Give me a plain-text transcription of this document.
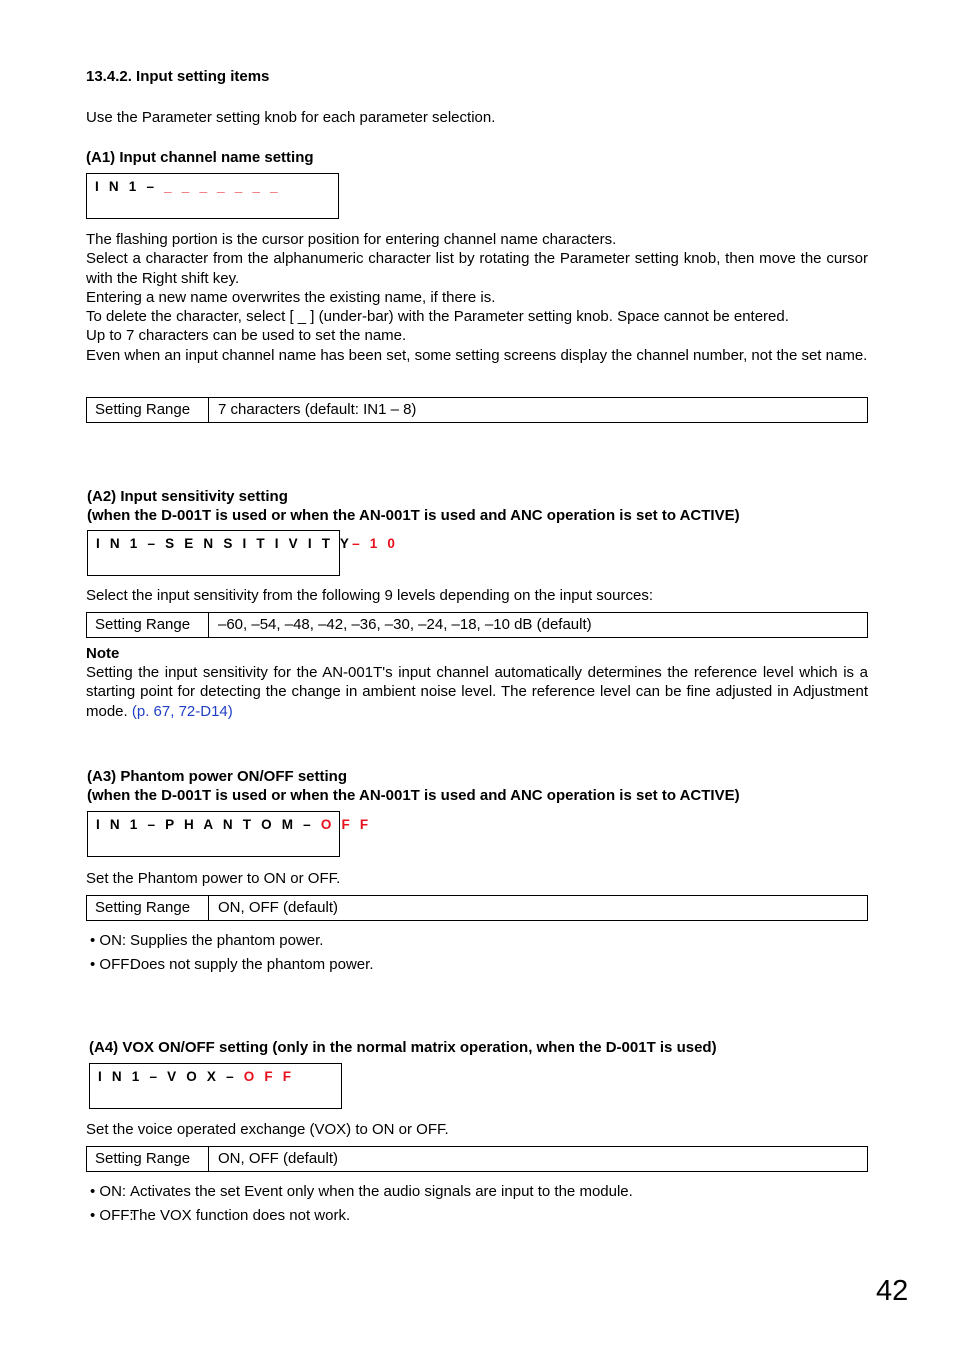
13.4.2. Input setting items
Use the Parameter setting knob for each parameter selection.
(A1) Input channel name setting
I N 1 – _ _ _ _ _ _ _
The flashing portion is the cursor position for entering channel name characters.
Select a character from the alphanumeric character list by rotating the Parameter setting knob, then move the cursor with the Right shift key.
Entering a new name overwrites the existing name, if there is.
To delete the character, select [ _ ] (under-bar) with the Parameter setting knob. Space cannot be entered.
Up to 7 characters can be used to set the name.
Even when an input channel name has been set, some setting screens display the channel number, not the set name.
Setting Range	7 characters (default: IN1 – 8)
(A2) Input sensitivity setting
(when the D-001T is used or when the AN-001T is used and ANC operation is set to ACTIVE)
I N 1 – S E N S I T I V I T Y– 1 0
Select the input sensitivity from the following 9 levels depending on the input sources:
Setting Range	–60, –54, –48, –42, –36, –30, –24, –18, –10 dB (default)
Note
Setting the input sensitivity for the AN-001T's input channel automatically determines the reference level which is a starting point for detecting the change in ambient noise level. The reference level can be fine adjusted in Adjustment mode. (p. 67, 72-D14)
(A3) Phantom power ON/OFF setting
(when the D-001T is used or when the AN-001T is used and ANC operation is set to ACTIVE)
I N 1 – P H A N T O M – O F F
Set the Phantom power to ON or OFF.
Setting Range	ON, OFF (default)
• ON: Supplies the phantom power.
• OFF:Does not supply the phantom power.
(A4) VOX ON/OFF setting (only in the normal matrix operation, when the D-001T is used)
I N 1 – V O X – O F F
Set the voice operated exchange (VOX) to ON or OFF.
Setting Range	ON, OFF (default)
• ON: Activates the set Event only when the audio signals are input to the module.
• OFF:The VOX function does not work.
42
